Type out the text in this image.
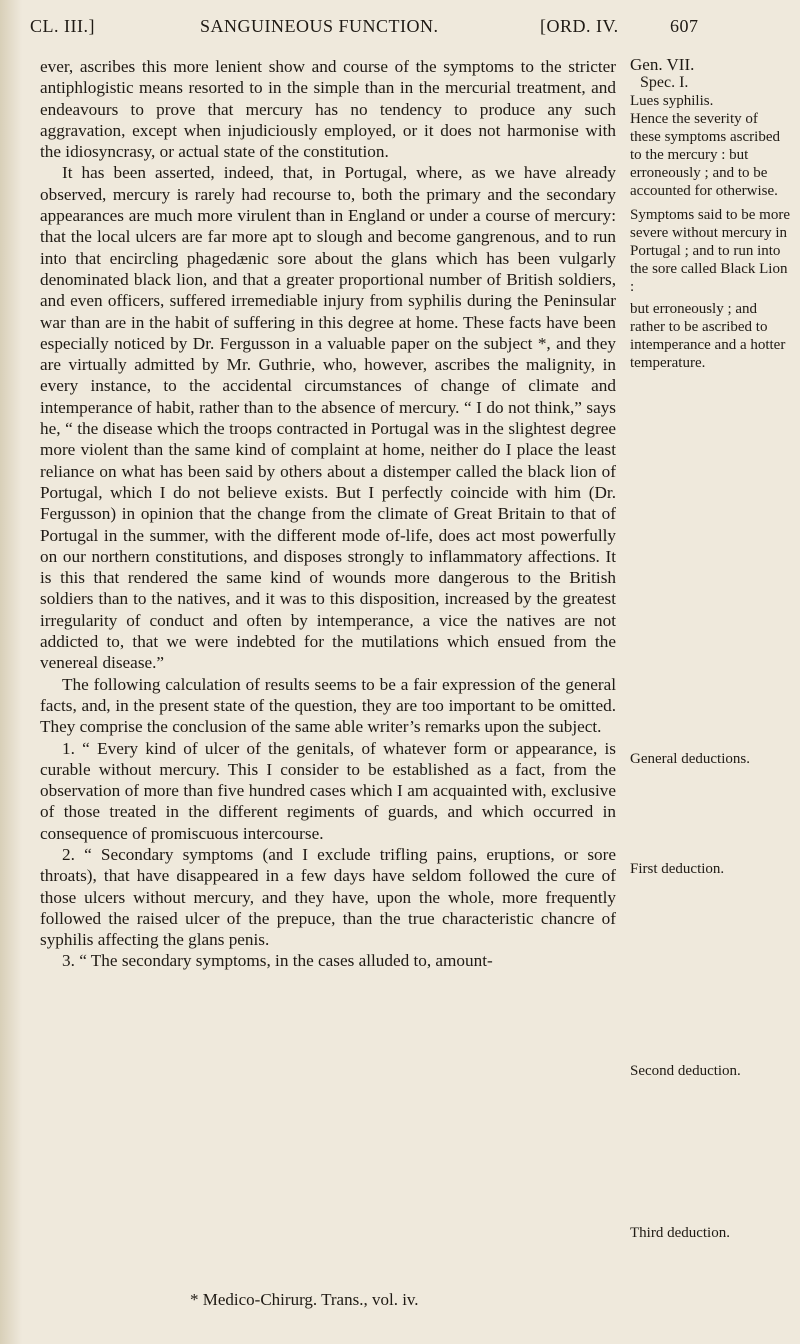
CL. III.]	SANGUINEOUS FUNCTION.	[ORD. IV.	607

ever, ascribes this more lenient show and course of the symptoms to the stricter antiphlogistic means resorted to in the simple than in the mercurial treatment, and endeavours to prove that mercury has no tendency to produce any such aggravation, except when injudiciously employed, or it does not harmonise with the idiosyncrasy, or actual state of the constitution.

It has been asserted, indeed, that, in Portugal, where, as we have already observed, mercury is rarely had recourse to, both the primary and the secondary appearances are much more virulent than in England or under a course of mercury: that the local ulcers are far more apt to slough and become gangrenous, and to run into that encircling phagedænic sore about the glans which has been vulgarly denominated black lion, and that a greater proportional number of British soldiers, and even officers, suffered irremediable injury from syphilis during the Peninsular war than are in the habit of suffering in this degree at home. These facts have been especially noticed by Dr. Fergusson in a valuable paper on the subject *, and they are virtually admitted by Mr. Guthrie, who, however, ascribes the malignity, in every instance, to the accidental circumstances of change of climate and intemperance of habit, rather than to the absence of mercury. “ I do not think,” says he, “ the disease which the troops contracted in Portugal was in the slightest degree more violent than the same kind of complaint at home, neither do I place the least reliance on what has been said by others about a distemper called the black lion of Portugal, which I do not believe exists. But I perfectly coincide with him (Dr. Fergusson) in opinion that the change from the climate of Great Britain to that of Portugal in the summer, with the different mode of-life, does act most powerfully on our northern constitutions, and disposes strongly to inflammatory affections. It is this that rendered the same kind of wounds more dangerous to the British soldiers than to the natives, and it was to this disposition, increased by the greatest irregularity of conduct and often by intemperance, a vice the natives are not addicted to, that we were indebted for the mutilations which ensued from the venereal disease.”

The following calculation of results seems to be a fair expression of the general facts, and, in the present state of the question, they are too important to be omitted. They comprise the conclusion of the same able writer’s remarks upon the subject.

1. “ Every kind of ulcer of the genitals, of whatever form or appearance, is curable without mercury. This I consider to be established as a fact, from the observation of more than five hundred cases which I am acquainted with, exclusive of those treated in the different regiments of guards, and which occurred in consequence of promiscuous intercourse.

2. “ Secondary symptoms (and I exclude trifling pains, eruptions, or sore throats), that have disappeared in a few days have seldom followed the cure of those ulcers without mercury, and they have, upon the whole, more frequently followed the raised ulcer of the prepuce, than the true characteristic chancre of syphilis affecting the glans penis.

3. “ The secondary symptoms, in the cases alluded to, amount-

Gen. VII.
Spec. I.
Lues syphilis.
Hence the severity of these symptoms ascribed to the mercury : but erroneously ; and to be accounted for otherwise.
Symptoms said to be more severe without mercury in Portugal ; and to run into the sore called Black Lion :
but erroneously ; and rather to be ascribed to intemperance and a hotter temperature.
General deductions.
First deduction.
Second deduction.
Third deduction.
* Medico-Chirurg. Trans., vol. iv.
